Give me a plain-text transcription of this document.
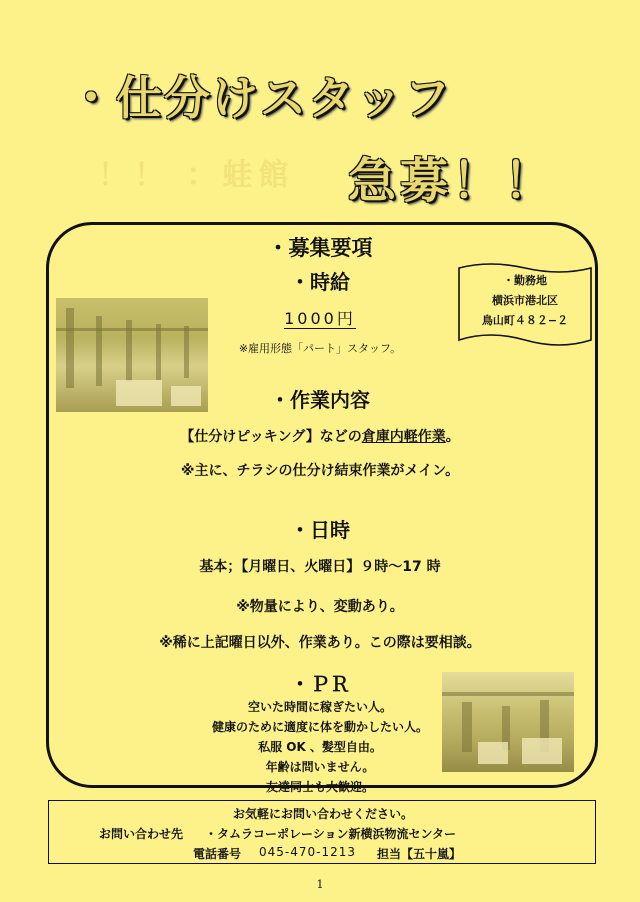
！！ ：蛙館
・仕分けスタッフ
急募！！
・募集要項
・時給
1000円
※雇用形態「パート」スタッフ。
・勤務地
横浜市港北区
鳥山町４８２−２
・作業内容
【仕分けピッキング】などの倉庫内軽作業。
※主に、チラシの仕分け結束作業がメイン。
・日時
基本；【月曜日、火曜日】９時〜17 時
※物量により、変動あり。
※稀に上記曜日以外、作業あり。この際は要相談。
・ＰＲ
空いた時間に稼ぎたい人。
健康のために適度に体を動かしたい人。
私服 OK 、髪型自由。
年齢は問いません。
友達同士も大歓迎。
お気軽にお問い合わせください。
お問い合わせ先 ・タムラコーポレーション新横浜物流センター
電話番号 045-470-1213 担当【五十嵐】
1
